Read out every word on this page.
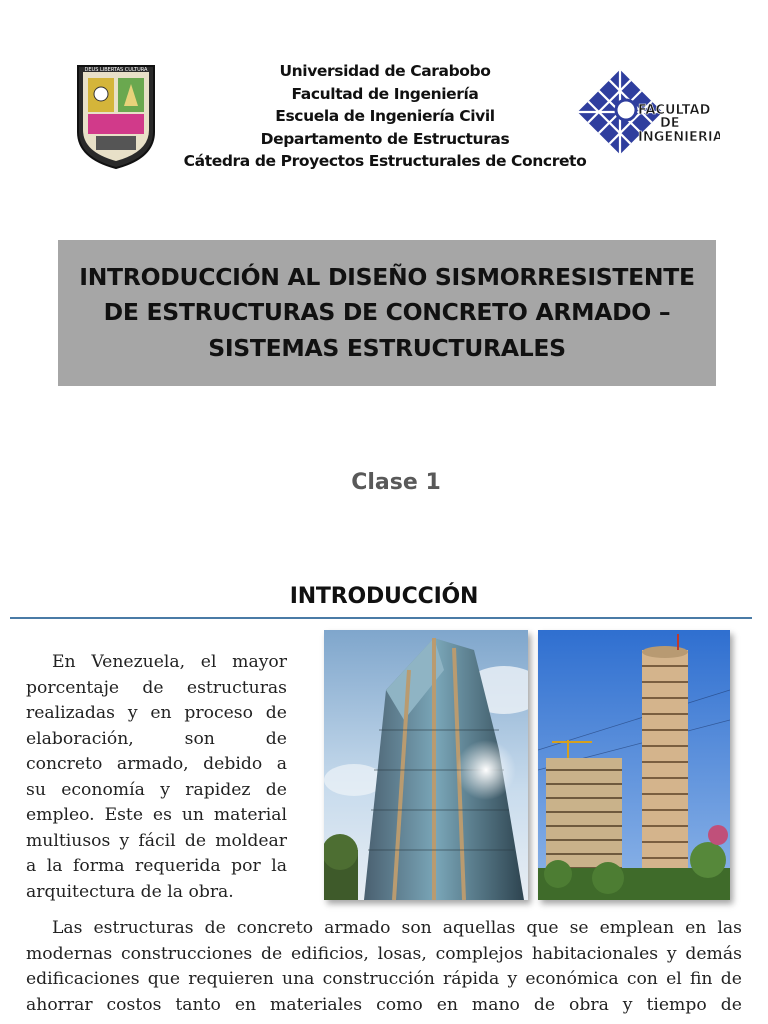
DEUS LIBERTAS CULTURA	Universidad de Carabobo
Facultad de Ingeniería
Escuela de Ingeniería Civil
Departamento de Estructuras
Cátedra de Proyectos Estructurales de Concreto
FACULTAD
DE
INGENIERIA
INTRODUCCIÓN AL DISEÑO SISMORRESISTENTE
DE ESTRUCTURAS DE CONCRETO ARMADO –
SISTEMAS ESTRUCTURALES
Clase 1
INTRODUCCIÓN
En Venezuela, el mayor
porcentaje de estructuras
realizadas y en proceso de
elaboración,	son	de
concreto armado, debido a
su economía y rapidez de
empleo. Este es un material
multiusos y fácil de moldear
a la forma requerida por la
arquitectura de la obra.
Las estructuras de concreto armado son aquellas que se emplean en las
modernas construcciones de edificios, losas, complejos habitacionales y demás
edificaciones que requieren una construcción rápida y económica con el fin de
ahorrar costos tanto en materiales como en mano de obra y tiempo de
